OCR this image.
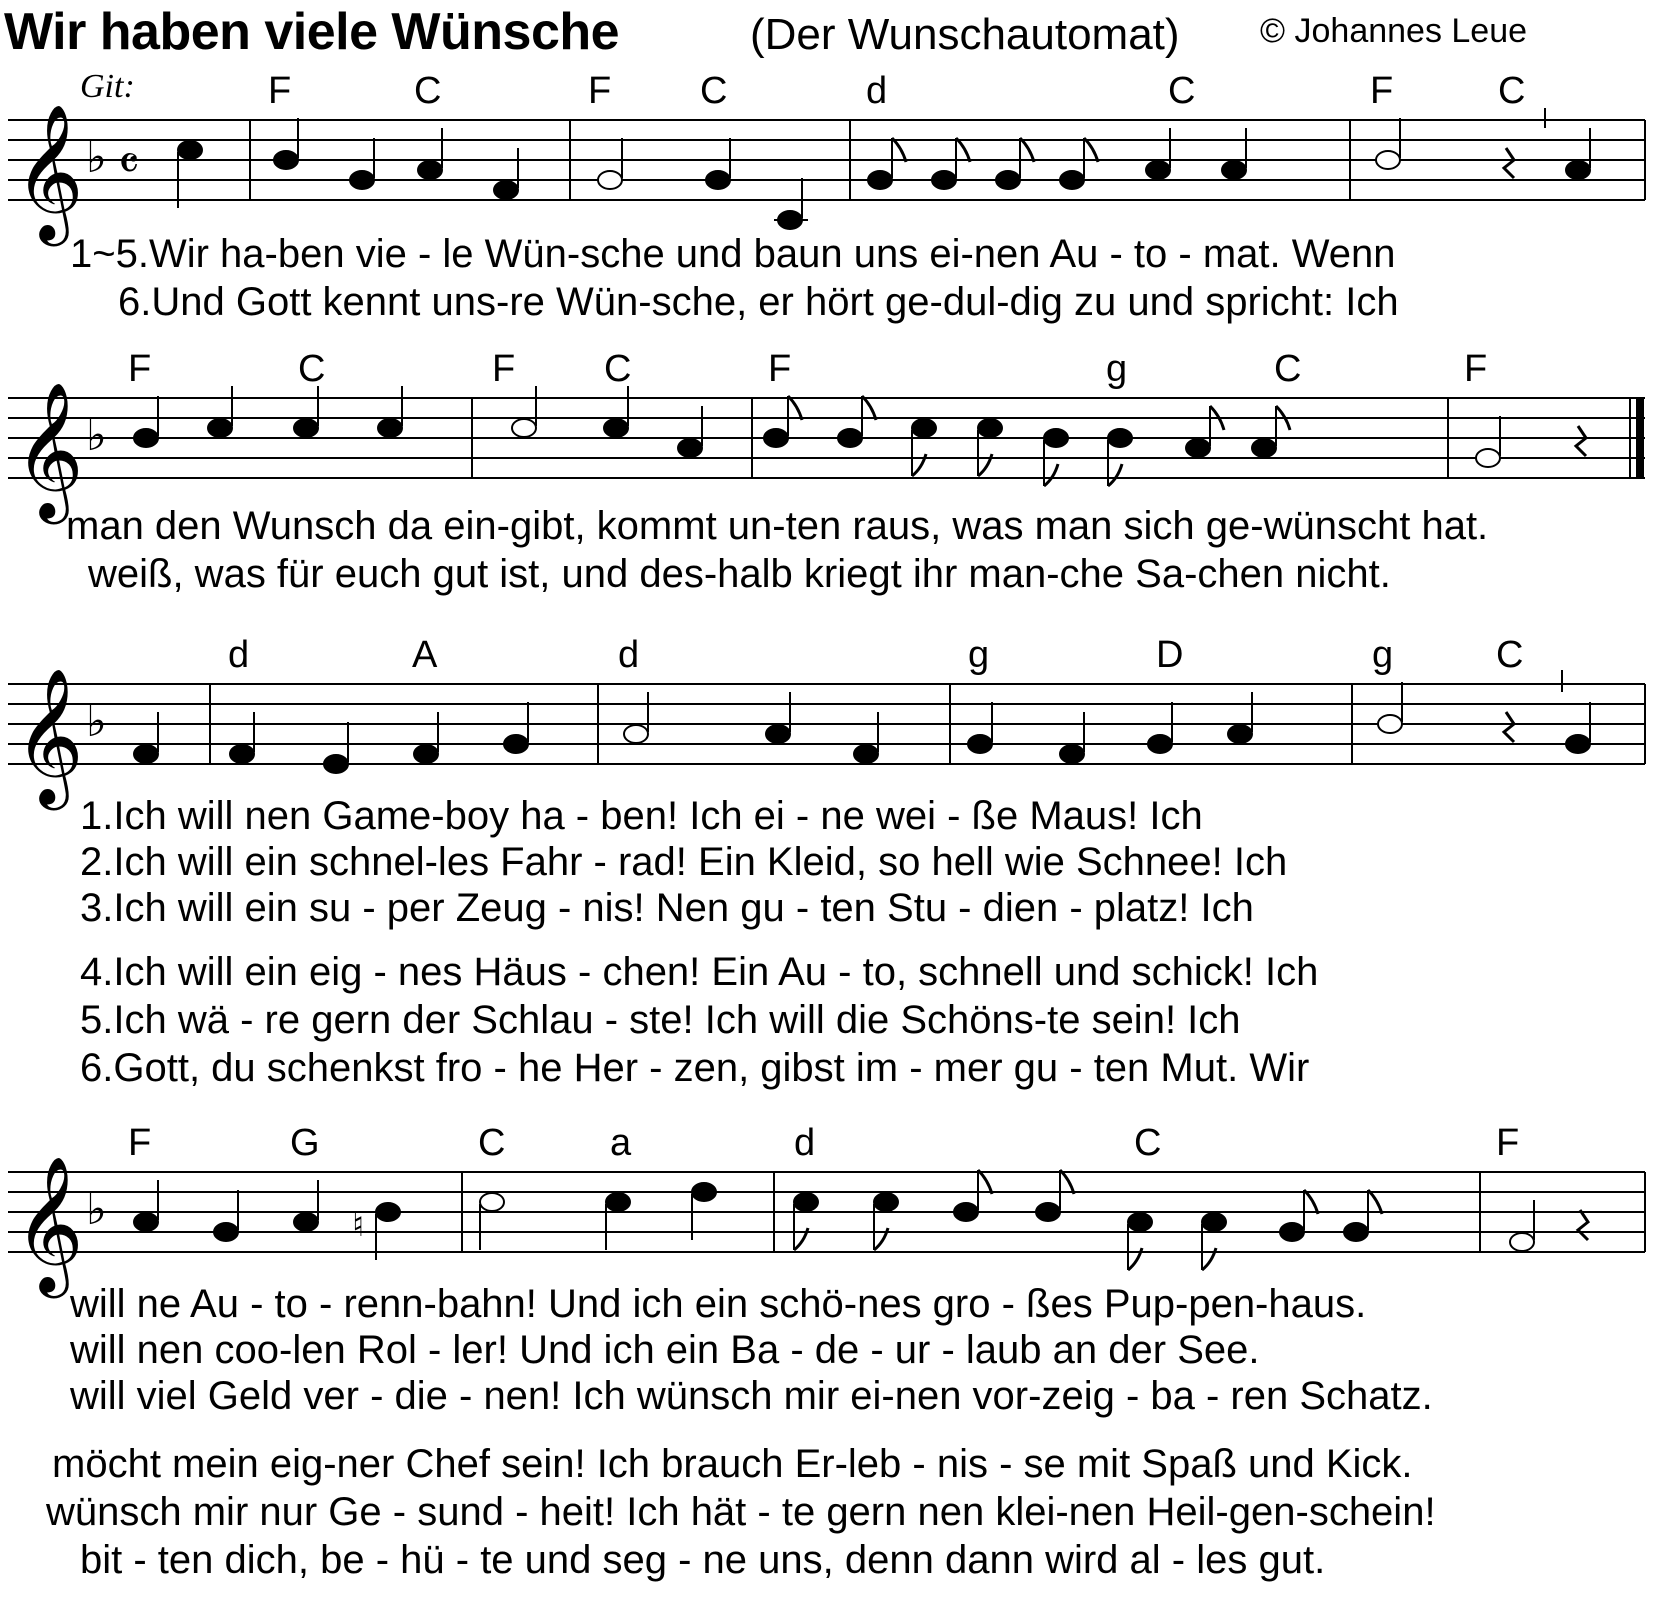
Wir haben viele Wünsche	(Der Wunschautomat) © Johannes Leue
Git:	F	C	F C	d	C	F	C
𝄞 ♭ 𝄴
1~5.Wir ha-ben vie - le Wün-sche und baun uns ei-nen Au - to - mat. Wenn
6.Und Gott kennt uns-re Wün-sche, er hört ge-dul-dig zu und spricht: Ich
F	C	F C	F	g	C	F
𝄞 ♭
man den Wunsch da ein-gibt, kommt un-ten raus, was man sich ge-wünscht hat.
weiß, was für euch gut ist, und des-halb kriegt ihr man-che Sa-chen nicht.
d	A	d	g	D	g	C
𝄞 ♭
1.Ich will nen Game-boy ha - ben! Ich ei - ne wei - ße Maus! Ich
2.Ich will ein schnel-les Fahr - rad! Ein Kleid, so hell wie Schnee! Ich
3.Ich will ein su - per Zeug - nis! Nen gu - ten Stu - dien - platz! Ich
4.Ich will ein eig - nes Häus - chen! Ein Au - to, schnell und schick! Ich
5.Ich wä - re gern der Schlau - ste! Ich will die Schöns-te sein! Ich
6.Gott, du schenkst fro - he Her - zen, gibst im - mer gu - ten Mut. Wir
F	G	C	a	d	C	F
𝄞 ♭	♮
will ne Au - to - renn-bahn! Und ich ein schö-nes gro - ßes Pup-pen-haus.
will nen coo-len Rol - ler! Und ich ein Ba - de - ur - laub an der See.
will viel Geld ver - die - nen! Ich wünsch mir ei-nen vor-zeig - ba - ren Schatz.
möcht mein eig-ner Chef sein! Ich brauch Er-leb - nis - se mit Spaß und Kick.
wünsch mir nur Ge - sund - heit! Ich hät - te gern nen klei-nen Heil-gen-schein!
bit - ten dich, be - hü - te und seg - ne uns, denn dann wird al - les gut.
